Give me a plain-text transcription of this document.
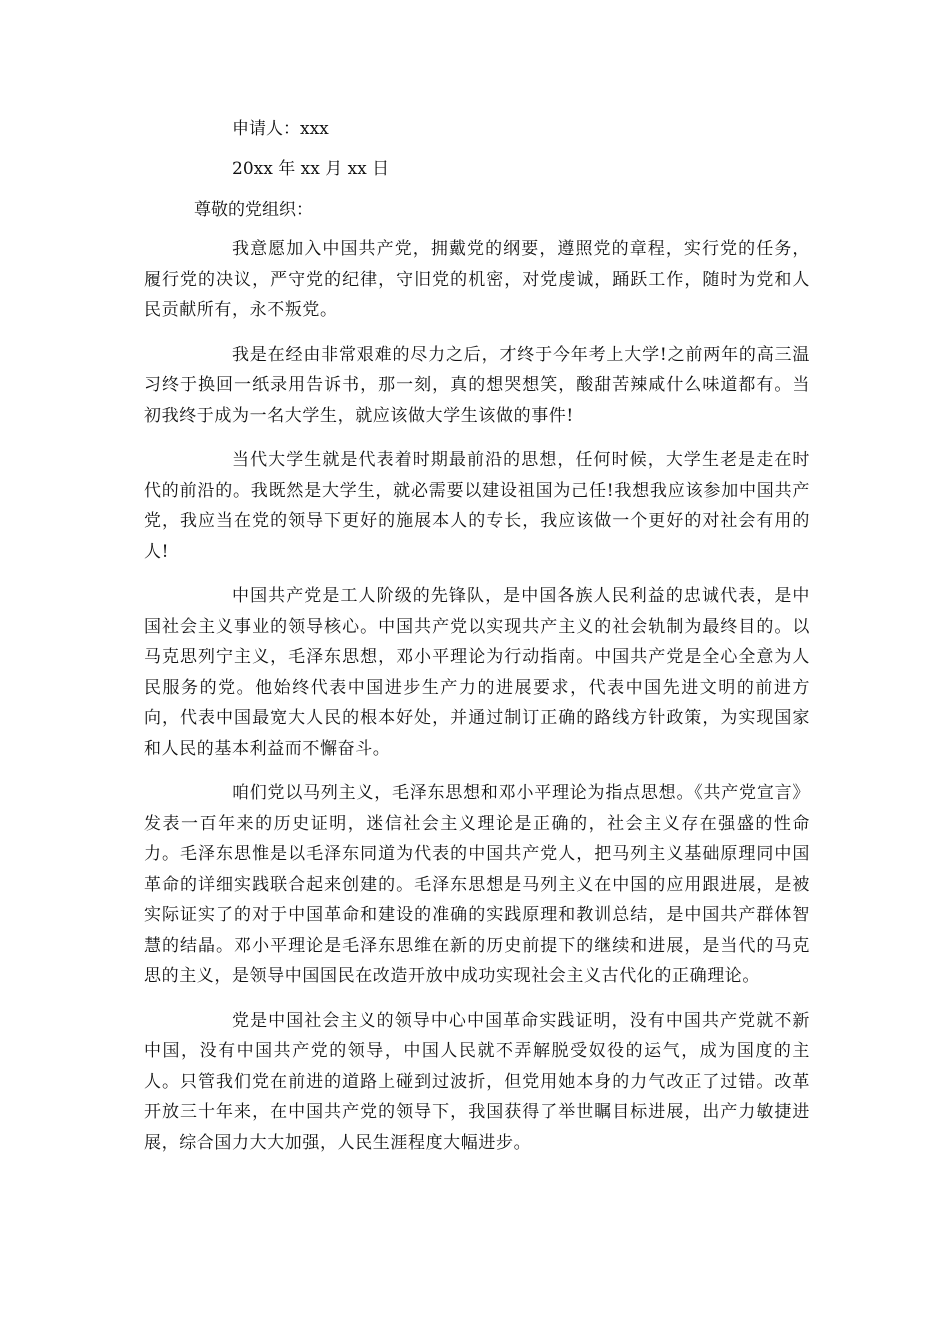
申请人：xxx
20xx 年 xx 月 xx 日
尊敬的党组织：

我意愿加入中国共产党，拥戴党的纲要，遵照党的章程，实行党的任务，履行党的决议，严守党的纪律，守旧党的机密，对党虔诚，踊跃工作，随时为党和人民贡献所有，永不叛党。

我是在经由非常艰难的尽力之后，才终于今年考上大学!之前两年的高三温习终于换回一纸录用告诉书，那一刻，真的想哭想笑，酸甜苦辣咸什么味道都有。当初我终于成为一名大学生，就应该做大学生该做的事件!

当代大学生就是代表着时期最前沿的思想，任何时候，大学生老是走在时代的前沿的。我既然是大学生，就必需要以建设祖国为己任!我想我应该参加中国共产党，我应当在党的领导下更好的施展本人的专长，我应该做一个更好的对社会有用的人!

中国共产党是工人阶级的先锋队，是中国各族人民利益的忠诚代表，是中国社会主义事业的领导核心。中国共产党以实现共产主义的社会轨制为最终目的。以马克思列宁主义，毛泽东思想，邓小平理论为行动指南。中国共产党是全心全意为人民服务的党。他始终代表中国进步生产力的进展要求，代表中国先进文明的前进方向，代表中国最宽大人民的根本好处，并通过制订正确的路线方针政策，为实现国家和人民的基本利益而不懈奋斗。

咱们党以马列主义，毛泽东思想和邓小平理论为指点思想。《共产党宣言》发表一百年来的历史证明，迷信社会主义理论是正确的，社会主义存在强盛的性命力。毛泽东思惟是以毛泽东同道为代表的中国共产党人，把马列主义基础原理同中国革命的详细实践联合起来创建的。毛泽东思想是马列主义在中国的应用跟进展，是被实际证实了的对于中国革命和建设的准确的实践原理和教训总结，是中国共产群体智慧的结晶。邓小平理论是毛泽东思维在新的历史前提下的继续和进展，是当代的马克思的主义，是领导中国国民在改造开放中成功实现社会主义古代化的正确理论。

党是中国社会主义的领导中心中国革命实践证明，没有中国共产党就不新中国，没有中国共产党的领导，中国人民就不弄解脱受奴役的运气，成为国度的主人。只管我们党在前进的道路上碰到过波折，但党用她本身的力气改正了过错。改革开放三十年来，在中国共产党的领导下，我国获得了举世瞩目标进展，出产力敏捷进展，综合国力大大加强，人民生涯程度大幅进步。
